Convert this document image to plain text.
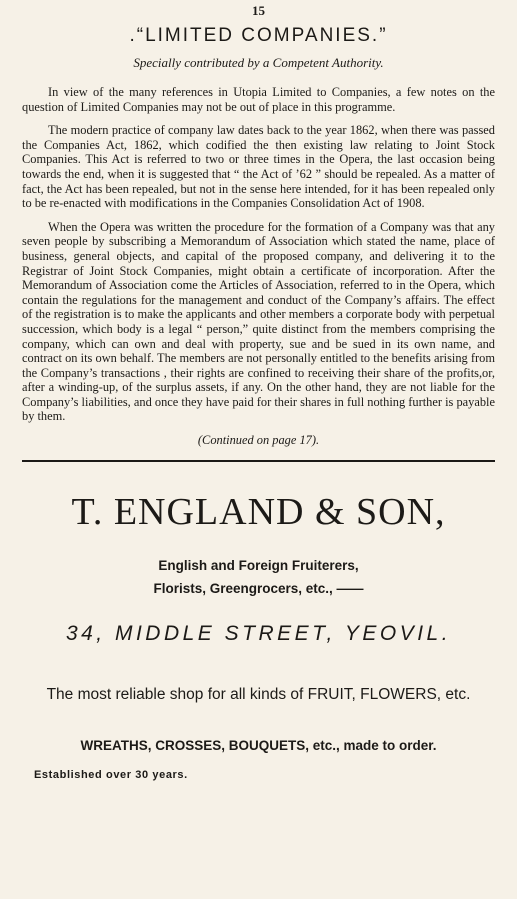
15
.“LIMITED COMPANIES.”
Specially contributed by a Competent Authority.

In view of the many references in Utopia Limited to Companies, a few notes on the question of Limited Companies may not be out of place in this programme.

The modern practice of company law dates back to the year 1862, when there was passed the Companies Act, 1862, which codified the then existing law relating to Joint Stock Companies. This Act is referred to two or three times in the Opera, the last occasion being towards the end, when it is suggested that “ the Act of ’62 ” should be repealed. As a matter of fact, the Act has been repealed, but not in the sense here intended, for it has been repealed only to be re-enacted with modifications in the Companies Consolidation Act of 1908.

When the Opera was written the procedure for the formation of a Company was that any seven people by subscribing a Memorandum of Association which stated the name, place of business, general objects, and capital of the proposed company, and delivering it to the Registrar of Joint Stock Companies, might obtain a certificate of incorporation. After the Memorandum of Association come the Articles of Association, referred to in the Opera, which contain the regulations for the management and conduct of the Company’s affairs. The effect of the registration is to make the applicants and other members a corporate body with perpetual succession, which body is a legal “ person,” quite distinct from the members comprising the company, which can own and deal with property, sue and be sued in its own name, and contract on its own behalf. The members are not personally entitled to the benefits arising from the Company’s transactions , their rights are confined to receiving their share of the profits,or, after a winding-up, of the surplus assets, if any. On the other hand, they are not liable for the Company’s liabilities, and once they have paid for their shares in full nothing further is payable by them.

(Continued on page 17).
T. ENGLAND & SON,
English and Foreign Fruiterers,
Florists, Greengrocers, etc., ——
34, MIDDLE STREET, YEOVIL.
The most reliable shop for all kinds of FRUIT, FLOWERS, etc.
WREATHS, CROSSES, BOUQUETS, etc., made to order.
Established over 30 years.
